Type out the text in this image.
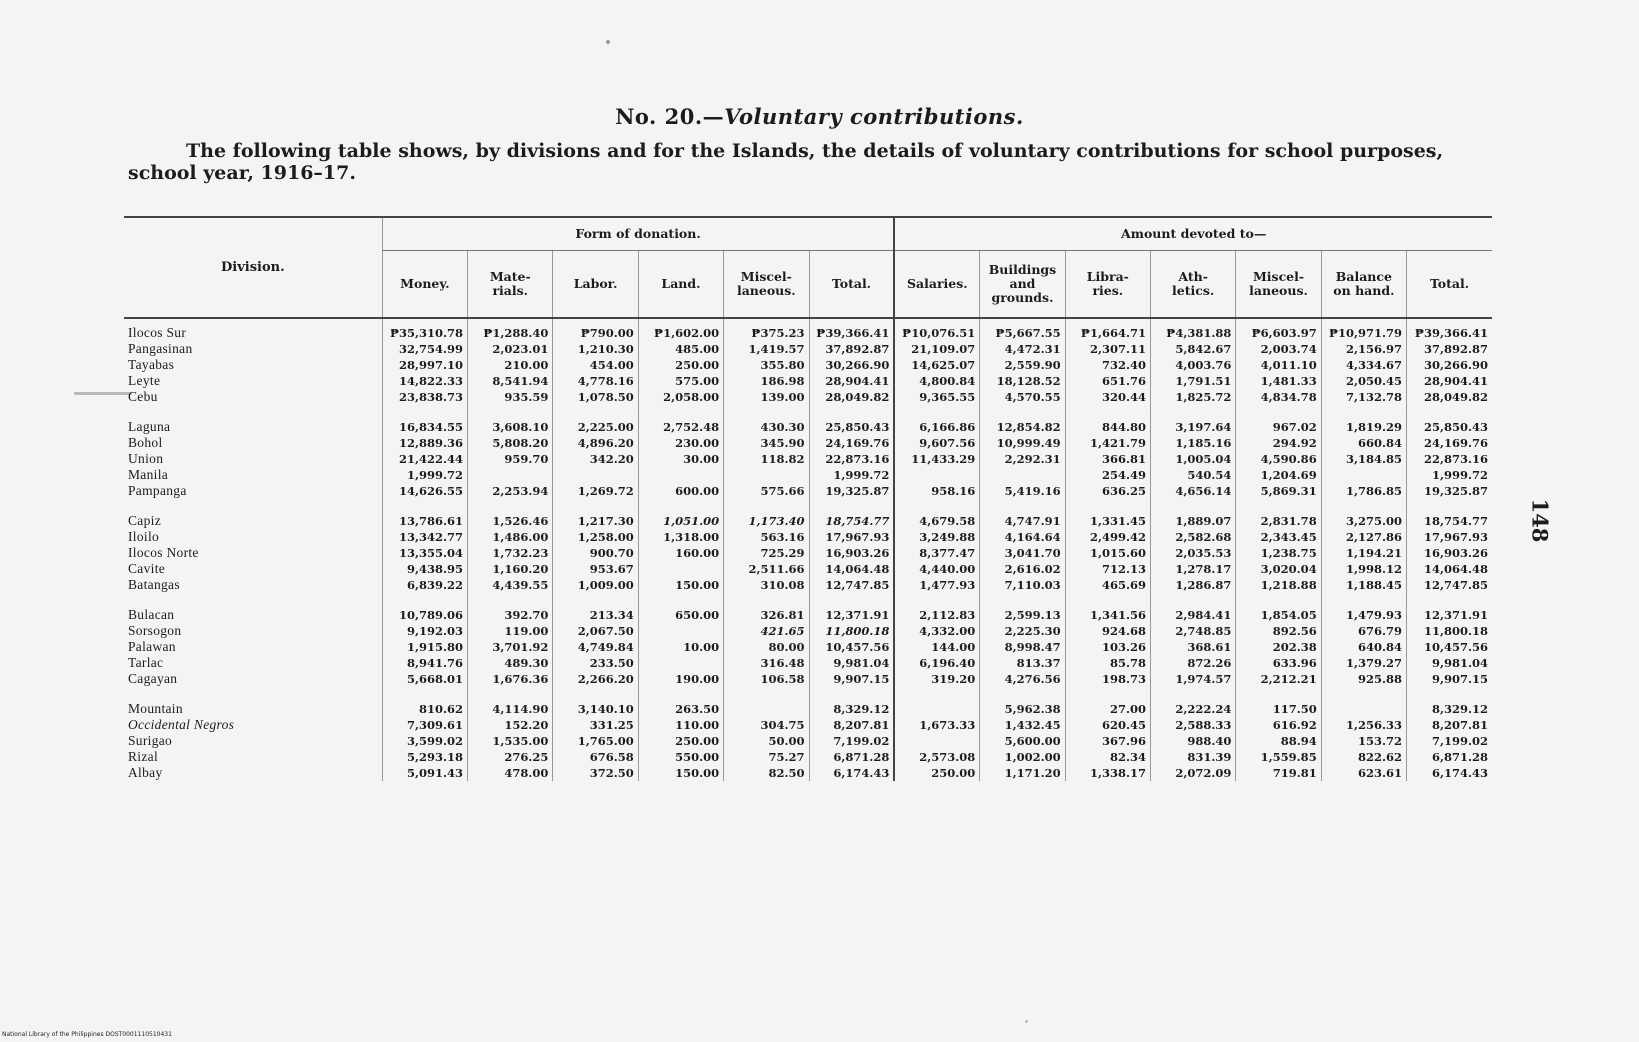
No. 20.—Voluntary contributions.
The following table shows, by divisions and for the Islands, the details of voluntary contributions for school purposes, school year, 1916–17.
Division.	Form of donation.						Amount devoted to—						
	Money.	Mate-
rials.	Labor.	Land.	Miscel-
laneous.	Total.	Salaries.	Buildings
and
grounds.	Libra-
ries.	Ath-
letics.	Miscel-
laneous.	Balance
on hand.	Total.

Ilocos Sur	₱35,310.78	₱1,288.40	₱790.00	₱1,602.00	₱375.23	₱39,366.41	₱10,076.51	₱5,667.55	₱1,664.71	₱4,381.88	₱6,603.97	₱10,971.79	₱39,366.41
Pangasinan	32,754.99	2,023.01	1,210.30	485.00	1,419.57	37,892.87	21,109.07	4,472.31	2,307.11	5,842.67	2,003.74	2,156.97	37,892.87
Tayabas	28,997.10	210.00	454.00	250.00	355.80	30,266.90	14,625.07	2,559.90	732.40	4,003.76	4,011.10	4,334.67	30,266.90
Leyte	14,822.33	8,541.94	4,778.16	575.00	186.98	28,904.41	4,800.84	18,128.52	651.76	1,791.51	1,481.33	2,050.45	28,904.41
Cebu	23,838.73	935.59	1,078.50	2,058.00	139.00	28,049.82	9,365.55	4,570.55	320.44	1,825.72	4,834.78	7,132.78	28,049.82

Laguna	16,834.55	3,608.10	2,225.00	2,752.48	430.30	25,850.43	6,166.86	12,854.82	844.80	3,197.64	967.02	1,819.29	25,850.43
Bohol	12,889.36	5,808.20	4,896.20	230.00	345.90	24,169.76	9,607.56	10,999.49	1,421.79	1,185.16	294.92	660.84	24,169.76
Union	21,422.44	959.70	342.20	30.00	118.82	22,873.16	11,433.29	2,292.31	366.81	1,005.04	4,590.86	3,184.85	22,873.16
Manila	1,999.72					1,999.72			254.49	540.54	1,204.69		1,999.72
Pampanga	14,626.55	2,253.94	1,269.72	600.00	575.66	19,325.87	958.16	5,419.16	636.25	4,656.14	5,869.31	1,786.85	19,325.87

Capiz	13,786.61	1,526.46	1,217.30	1,051.00	1,173.40	18,754.77	4,679.58	4,747.91	1,331.45	1,889.07	2,831.78	3,275.00	18,754.77
Iloilo	13,342.77	1,486.00	1,258.00	1,318.00	563.16	17,967.93	3,249.88	4,164.64	2,499.42	2,582.68	2,343.45	2,127.86	17,967.93
Ilocos Norte	13,355.04	1,732.23	900.70	160.00	725.29	16,903.26	8,377.47	3,041.70	1,015.60	2,035.53	1,238.75	1,194.21	16,903.26
Cavite	9,438.95	1,160.20	953.67		2,511.66	14,064.48	4,440.00	2,616.02	712.13	1,278.17	3,020.04	1,998.12	14,064.48
Batangas	6,839.22	4,439.55	1,009.00	150.00	310.08	12,747.85	1,477.93	7,110.03	465.69	1,286.87	1,218.88	1,188.45	12,747.85

Bulacan	10,789.06	392.70	213.34	650.00	326.81	12,371.91	2,112.83	2,599.13	1,341.56	2,984.41	1,854.05	1,479.93	12,371.91
Sorsogon	9,192.03	119.00	2,067.50		421.65	11,800.18	4,332.00	2,225.30	924.68	2,748.85	892.56	676.79	11,800.18
Palawan	1,915.80	3,701.92	4,749.84	10.00	80.00	10,457.56	144.00	8,998.47	103.26	368.61	202.38	640.84	10,457.56
Tarlac	8,941.76	489.30	233.50		316.48	9,981.04	6,196.40	813.37	85.78	872.26	633.96	1,379.27	9,981.04
Cagayan	5,668.01	1,676.36	2,266.20	190.00	106.58	9,907.15	319.20	4,276.56	198.73	1,974.57	2,212.21	925.88	9,907.15

Mountain	810.62	4,114.90	3,140.10	263.50		8,329.12		5,962.38	27.00	2,222.24	117.50		8,329.12
Occidental Negros	7,309.61	152.20	331.25	110.00	304.75	8,207.81	1,673.33	1,432.45	620.45	2,588.33	616.92	1,256.33	8,207.81
Surigao	3,599.02	1,535.00	1,765.00	250.00	50.00	7,199.02		5,600.00	367.96	988.40	88.94	153.72	7,199.02
Rizal	5,293.18	276.25	676.58	550.00	75.27	6,871.28	2,573.08	1,002.00	82.34	831.39	1,559.85	822.62	6,871.28
Albay	5,091.43	478.00	372.50	150.00	82.50	6,174.43	250.00	1,171.20	1,338.17	2,072.09	719.81	623.61	6,174.43
148
National Library of the Philippines DOST0001110510431
